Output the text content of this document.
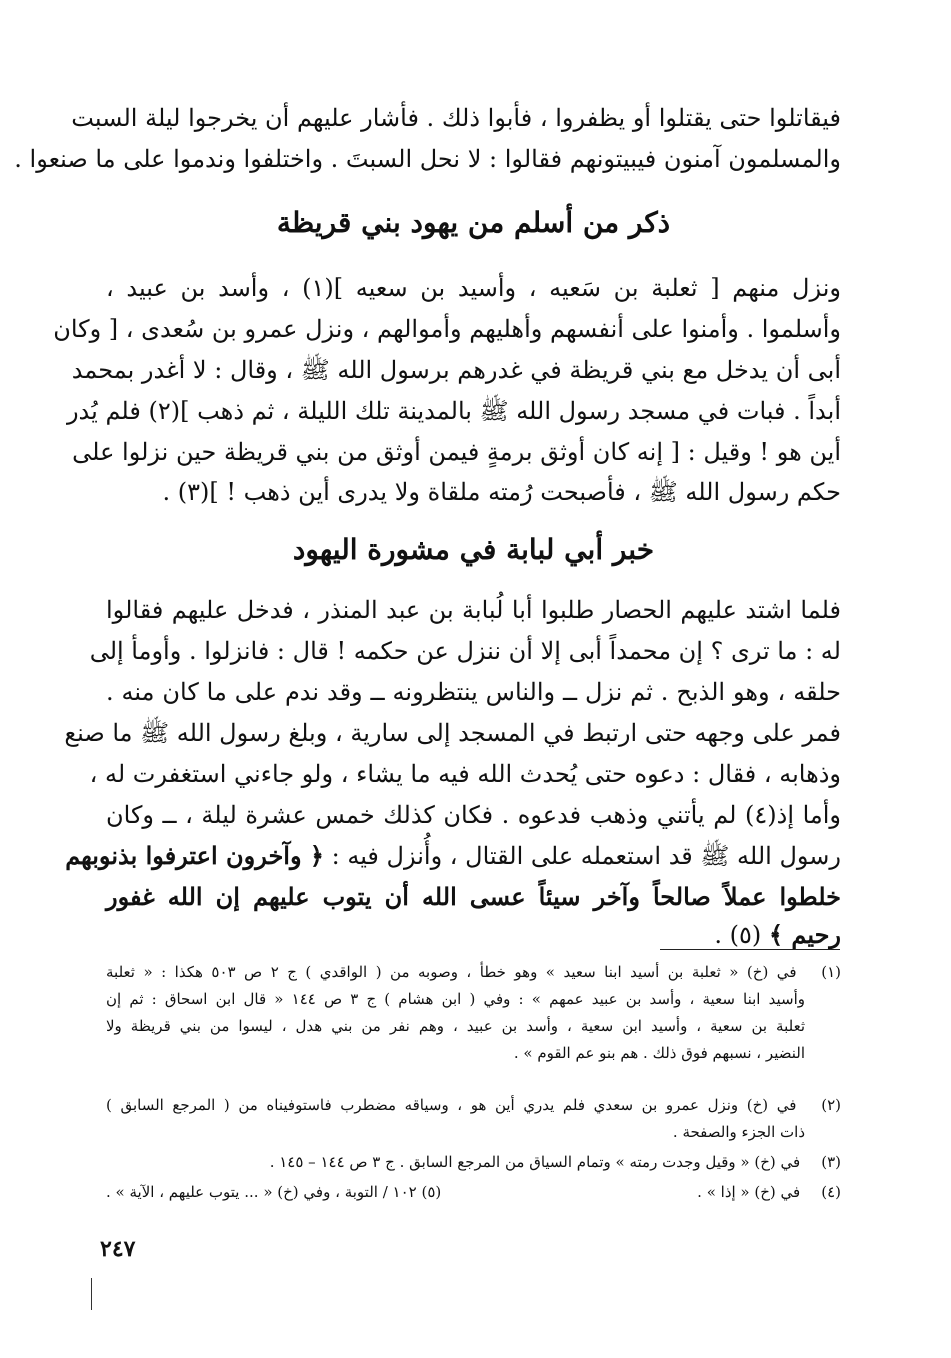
فيقاتلوا حتى يقتلوا أو يظفروا ، فأبوا ذلك . فأشار عليهم أن يخرجوا ليلة السبت
والمسلمون آمنون فيبيتونهم فقالوا : لا نحل السبتَ . واختلفوا وندموا على ما صنعوا .
ذكر من أسلم من يهود بني قريظة
ونزل منهم [ ثعلبة بن سَعيه ، وأسيد بن سعيه ](١) ، وأسد بن عبيد ،
وأسلموا . وأمنوا على أنفسهم وأهليهم وأموالهم ، ونزل عمرو بن سُعدى ، [ وكان
أبى أن يدخل مع بني قريظة في غدرهم برسول الله ﷺ ، وقال : لا أغدر بمحمد
أبداً . فبات في مسجد رسول الله ﷺ بالمدينة تلك الليلة ، ثم ذهب ](٢) فلم يُدر
أين هو ! وقيل : [ إنه كان أوثق برمةٍ فيمن أوثق من بني قريظة حين نزلوا على
حكم رسول الله ﷺ ، فأصبحت رُمته ملقاة ولا يدرى أين ذهب ! ](٣) .
خبر أبي لبابة في مشورة اليهود
فلما اشتد عليهم الحصار طلبوا أبا لُبابة بن عبد المنذر ، فدخل عليهم فقالوا
له : ما ترى ؟ إن محمداً أبى إلا أن ننزل عن حكمه ! قال : فانزلوا . وأومأ إلى
حلقه ، وهو الذبح . ثم نزل ــ والناس ينتظرونه ــ وقد ندم على ما كان منه .
فمر على وجهه حتى ارتبط في المسجد إلى سارية ، وبلغ رسول الله ﷺ ما صنع
وذهابه ، فقال : دعوه حتى يُحدث الله فيه ما يشاء ، ولو جاءني استغفرت له ،
وأما إذ(٤) لم يأتني وذهب فدعوه . فكان كذلك خمس عشرة ليلة ، ــ وكان
رسول الله ﷺ قد استعمله على القتال ، وأُنزل فيه : ﴿ وآخرون اعترفوا بذنوبهم
خلطوا عملاً صالحاً وآخر سيئاً عسى الله أن يتوب عليهم إن الله غفور
رحيم ﴾ (٥) .
(١) في (خ) « ثعلبة بن أسيد ابنا سعيد » وهو خطأ ، وصوبه من ( الواقدي ) ج ٢ ص ٥٠٣ هكذا : « ثعلبة
وأسيد ابنا سعية ، وأسد بن عبيد عمهم » : وفي ( ابن هشام ) ج ٣ ص ١٤٤ « قال ابن اسحاق : ثم إن
ثعلبة بن سعية ، وأسيد ابن سعية ، وأسد بن عبيد ، وهم نفر من بني هدل ، ليسوا من بني قريظة ولا
النضير ، نسبهم فوق ذلك . هم بنو عم القوم » .
(٢) في (خ) ونزل عمرو بن سعدي فلم يدري أين هو ، وسياقه مضطرب فاستوفيناه من ( المرجع السابق )
ذات الجزء والصفحة .
(٣) في (خ) « وقيل وجدت رمته » وتمام السياق من المرجع السابق . ج ٣ ص ١٤٤ – ١٤٥ .
(٤) في (خ) « إذا » .
(٥) ١٠٢ / التوبة ، وفي (خ) « ... يتوب عليهم ، الآية » .
٢٤٧
